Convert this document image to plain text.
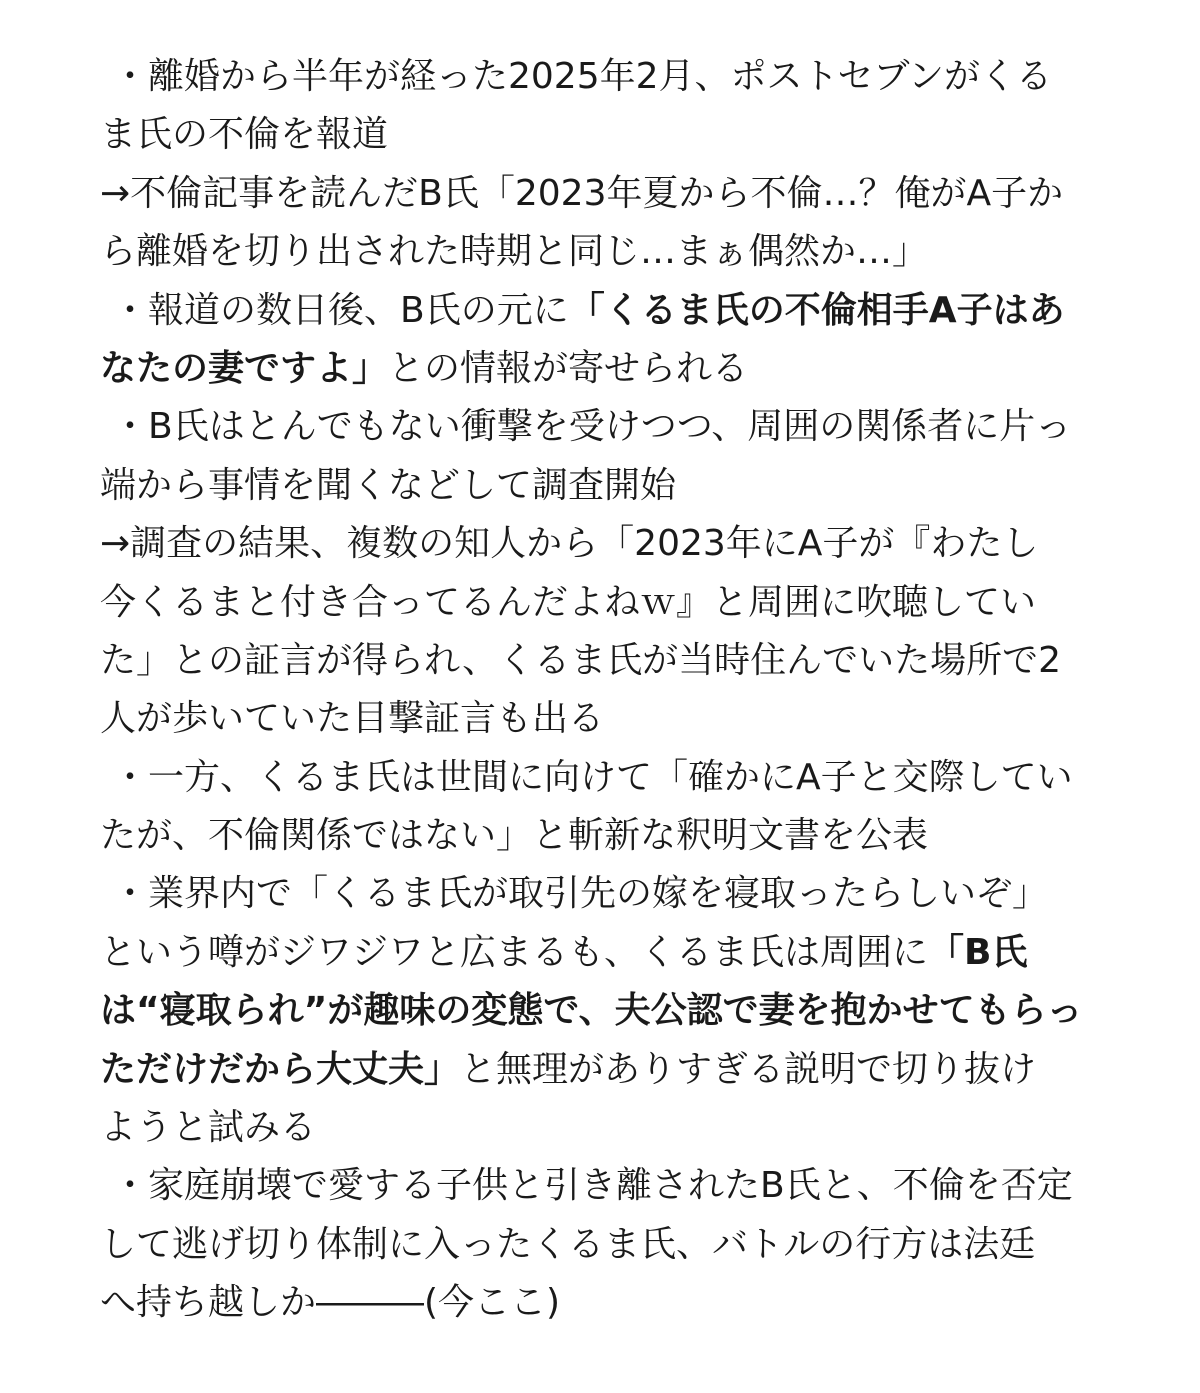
・離婚から半年が経った2025年2月、ポストセブンがくる
ま氏の不倫を報道
→不倫記事を読んだB氏「2023年夏から不倫…？俺がA子か
ら離婚を切り出された時期と同じ…まぁ偶然か…」
・報道の数日後、B氏の元に「くるま氏の不倫相手A子はあ
なたの妻ですよ」との情報が寄せられる
・B氏はとんでもない衝撃を受けつつ、周囲の関係者に片っ
端から事情を聞くなどして調査開始
→調査の結果、複数の知人から「2023年にA子が『わたし
今くるまと付き合ってるんだよねｗ』と周囲に吹聴してい
た」との証言が得られ、くるま氏が当時住んでいた場所で2
人が歩いていた目撃証言も出る
・一方、くるま氏は世間に向けて「確かにA子と交際してい
たが、不倫関係ではない」と斬新な釈明文書を公表
・業界内で「くるま氏が取引先の嫁を寝取ったらしいぞ」
という噂がジワジワと広まるも、くるま氏は周囲に「B氏
は“寝取られ”が趣味の変態で、夫公認で妻を抱かせてもらっ
ただけだから大丈夫」と無理がありすぎる説明で切り抜け
ようと試みる
・家庭崩壊で愛する子供と引き離されたB氏と、不倫を否定
して逃げ切り体制に入ったくるま氏、バトルの行方は法廷
へ持ち越しか―――(今ここ)
